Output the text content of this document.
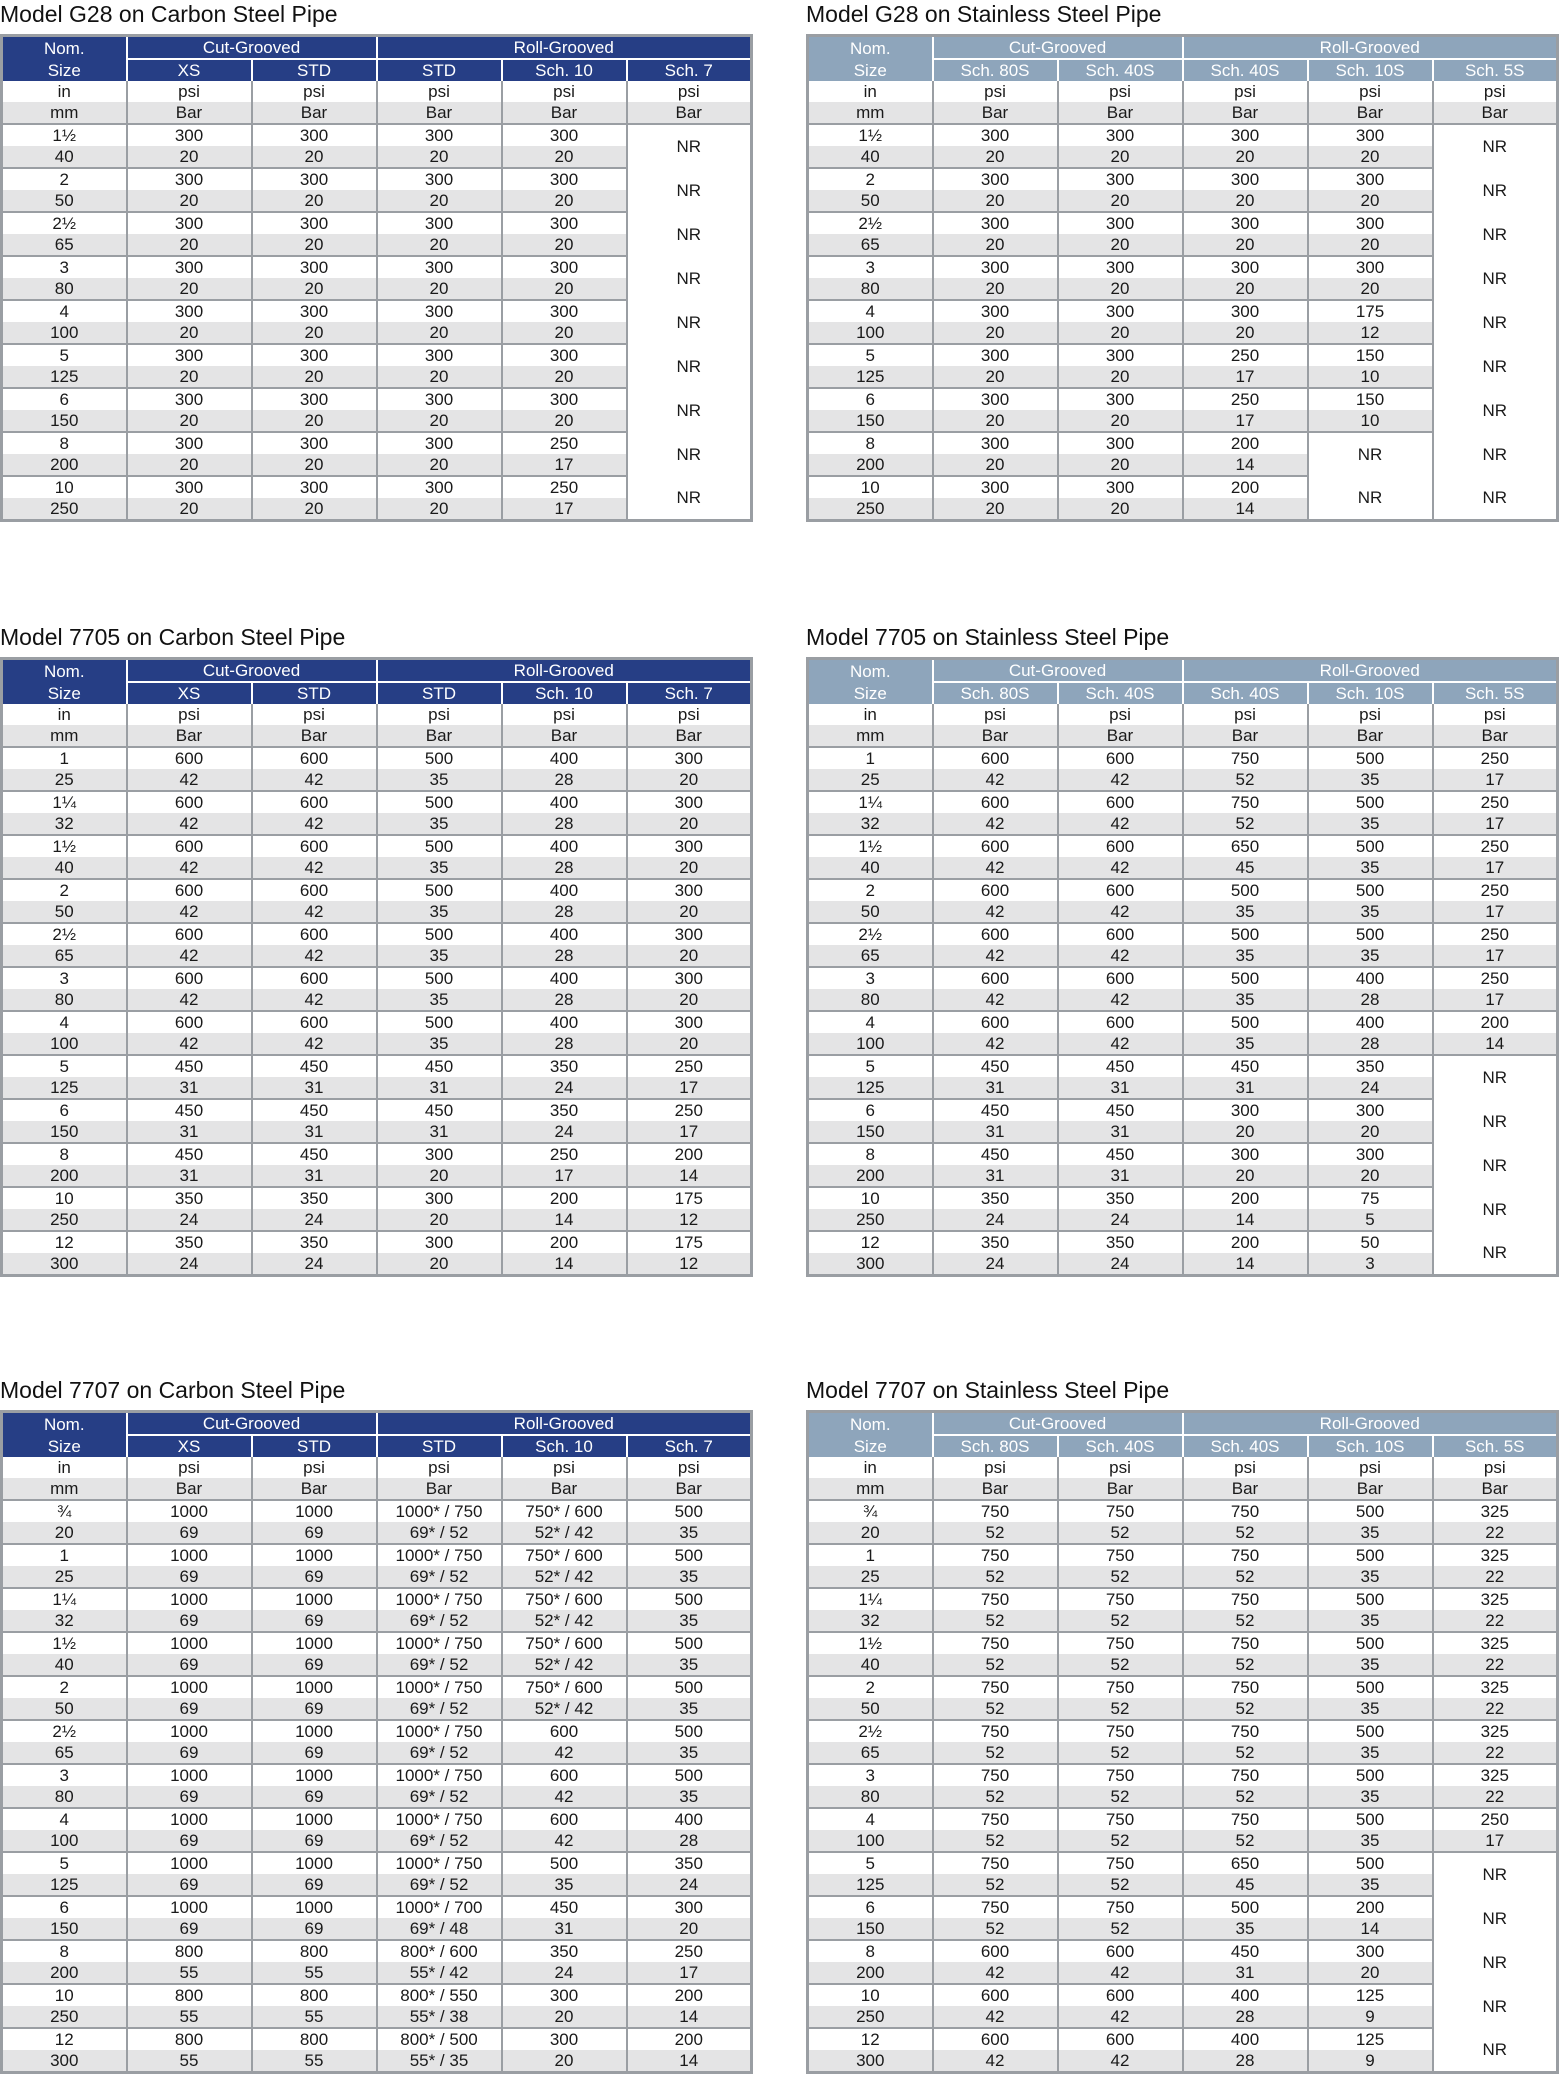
Model G28 on Carbon Steel Pipe
Nom.	Cut-Grooved		Roll-Grooved		
Size	XS	STD	STD	Sch. 10	Sch. 7
in	psi	psi	psi	psi	psi
mm	Bar	Bar	Bar	Bar	Bar
1½	300	300	300	300	NR
40	20	20	20	20	
2	300	300	300	300	NR
50	20	20	20	20	
2½	300	300	300	300	NR
65	20	20	20	20	
3	300	300	300	300	NR
80	20	20	20	20	
4	300	300	300	300	NR
100	20	20	20	20	
5	300	300	300	300	NR
125	20	20	20	20	
6	300	300	300	300	NR
150	20	20	20	20	
8	300	300	300	250	NR
200	20	20	20	17	
10	300	300	300	250	NR
250	20	20	20	17	
Model G28 on Stainless Steel Pipe
Nom.	Cut-Grooved		Roll-Grooved		
Size	Sch. 80S	Sch. 40S	Sch. 40S	Sch. 10S	Sch. 5S
in	psi	psi	psi	psi	psi
mm	Bar	Bar	Bar	Bar	Bar
1½	300	300	300	300	NR
40	20	20	20	20	
2	300	300	300	300	NR
50	20	20	20	20	
2½	300	300	300	300	NR
65	20	20	20	20	
3	300	300	300	300	NR
80	20	20	20	20	
4	300	300	300	175	NR
100	20	20	20	12	
5	300	300	250	150	NR
125	20	20	17	10	
6	300	300	250	150	NR
150	20	20	17	10	
8	300	300	200	NR	NR
200	20	20	14		
10	300	300	200	NR	NR
250	20	20	14		
Model 7705 on Carbon Steel Pipe
Nom.	Cut-Grooved		Roll-Grooved		
Size	XS	STD	STD	Sch. 10	Sch. 7
in	psi	psi	psi	psi	psi
mm	Bar	Bar	Bar	Bar	Bar
1	600	600	500	400	300
25	42	42	35	28	20
1¼	600	600	500	400	300
32	42	42	35	28	20
1½	600	600	500	400	300
40	42	42	35	28	20
2	600	600	500	400	300
50	42	42	35	28	20
2½	600	600	500	400	300
65	42	42	35	28	20
3	600	600	500	400	300
80	42	42	35	28	20
4	600	600	500	400	300
100	42	42	35	28	20
5	450	450	450	350	250
125	31	31	31	24	17
6	450	450	450	350	250
150	31	31	31	24	17
8	450	450	300	250	200
200	31	31	20	17	14
10	350	350	300	200	175
250	24	24	20	14	12
12	350	350	300	200	175
300	24	24	20	14	12
Model 7705 on Stainless Steel Pipe
Nom.	Cut-Grooved		Roll-Grooved		
Size	Sch. 80S	Sch. 40S	Sch. 40S	Sch. 10S	Sch. 5S
in	psi	psi	psi	psi	psi
mm	Bar	Bar	Bar	Bar	Bar
1	600	600	750	500	250
25	42	42	52	35	17
1¼	600	600	750	500	250
32	42	42	52	35	17
1½	600	600	650	500	250
40	42	42	45	35	17
2	600	600	500	500	250
50	42	42	35	35	17
2½	600	600	500	500	250
65	42	42	35	35	17
3	600	600	500	400	250
80	42	42	35	28	17
4	600	600	500	400	200
100	42	42	35	28	14
5	450	450	450	350	NR
125	31	31	31	24	
6	450	450	300	300	NR
150	31	31	20	20	
8	450	450	300	300	NR
200	31	31	20	20	
10	350	350	200	75	NR
250	24	24	14	5	
12	350	350	200	50	NR
300	24	24	14	3	
Model 7707 on Carbon Steel Pipe
Nom.	Cut-Grooved		Roll-Grooved		
Size	XS	STD	STD	Sch. 10	Sch. 7
in	psi	psi	psi	psi	psi
mm	Bar	Bar	Bar	Bar	Bar
¾	1000	1000	1000* / 750	750* / 600	500
20	69	69	69* / 52	52* / 42	35
1	1000	1000	1000* / 750	750* / 600	500
25	69	69	69* / 52	52* / 42	35
1¼	1000	1000	1000* / 750	750* / 600	500
32	69	69	69* / 52	52* / 42	35
1½	1000	1000	1000* / 750	750* / 600	500
40	69	69	69* / 52	52* / 42	35
2	1000	1000	1000* / 750	750* / 600	500
50	69	69	69* / 52	52* / 42	35
2½	1000	1000	1000* / 750	600	500
65	69	69	69* / 52	42	35
3	1000	1000	1000* / 750	600	500
80	69	69	69* / 52	42	35
4	1000	1000	1000* / 750	600	400
100	69	69	69* / 52	42	28
5	1000	1000	1000* / 750	500	350
125	69	69	69* / 52	35	24
6	1000	1000	1000* / 700	450	300
150	69	69	69* / 48	31	20
8	800	800	800* / 600	350	250
200	55	55	55* / 42	24	17
10	800	800	800* / 550	300	200
250	55	55	55* / 38	20	14
12	800	800	800* / 500	300	200
300	55	55	55* / 35	20	14
Model 7707 on Stainless Steel Pipe
Nom.	Cut-Grooved		Roll-Grooved		
Size	Sch. 80S	Sch. 40S	Sch. 40S	Sch. 10S	Sch. 5S
in	psi	psi	psi	psi	psi
mm	Bar	Bar	Bar	Bar	Bar
¾	750	750	750	500	325
20	52	52	52	35	22
1	750	750	750	500	325
25	52	52	52	35	22
1¼	750	750	750	500	325
32	52	52	52	35	22
1½	750	750	750	500	325
40	52	52	52	35	22
2	750	750	750	500	325
50	52	52	52	35	22
2½	750	750	750	500	325
65	52	52	52	35	22
3	750	750	750	500	325
80	52	52	52	35	22
4	750	750	750	500	250
100	52	52	52	35	17
5	750	750	650	500	NR
125	52	52	45	35	
6	750	750	500	200	NR
150	52	52	35	14	
8	600	600	450	300	NR
200	42	42	31	20	
10	600	600	400	125	NR
250	42	42	28	9	
12	600	600	400	125	NR
300	42	42	28	9	
